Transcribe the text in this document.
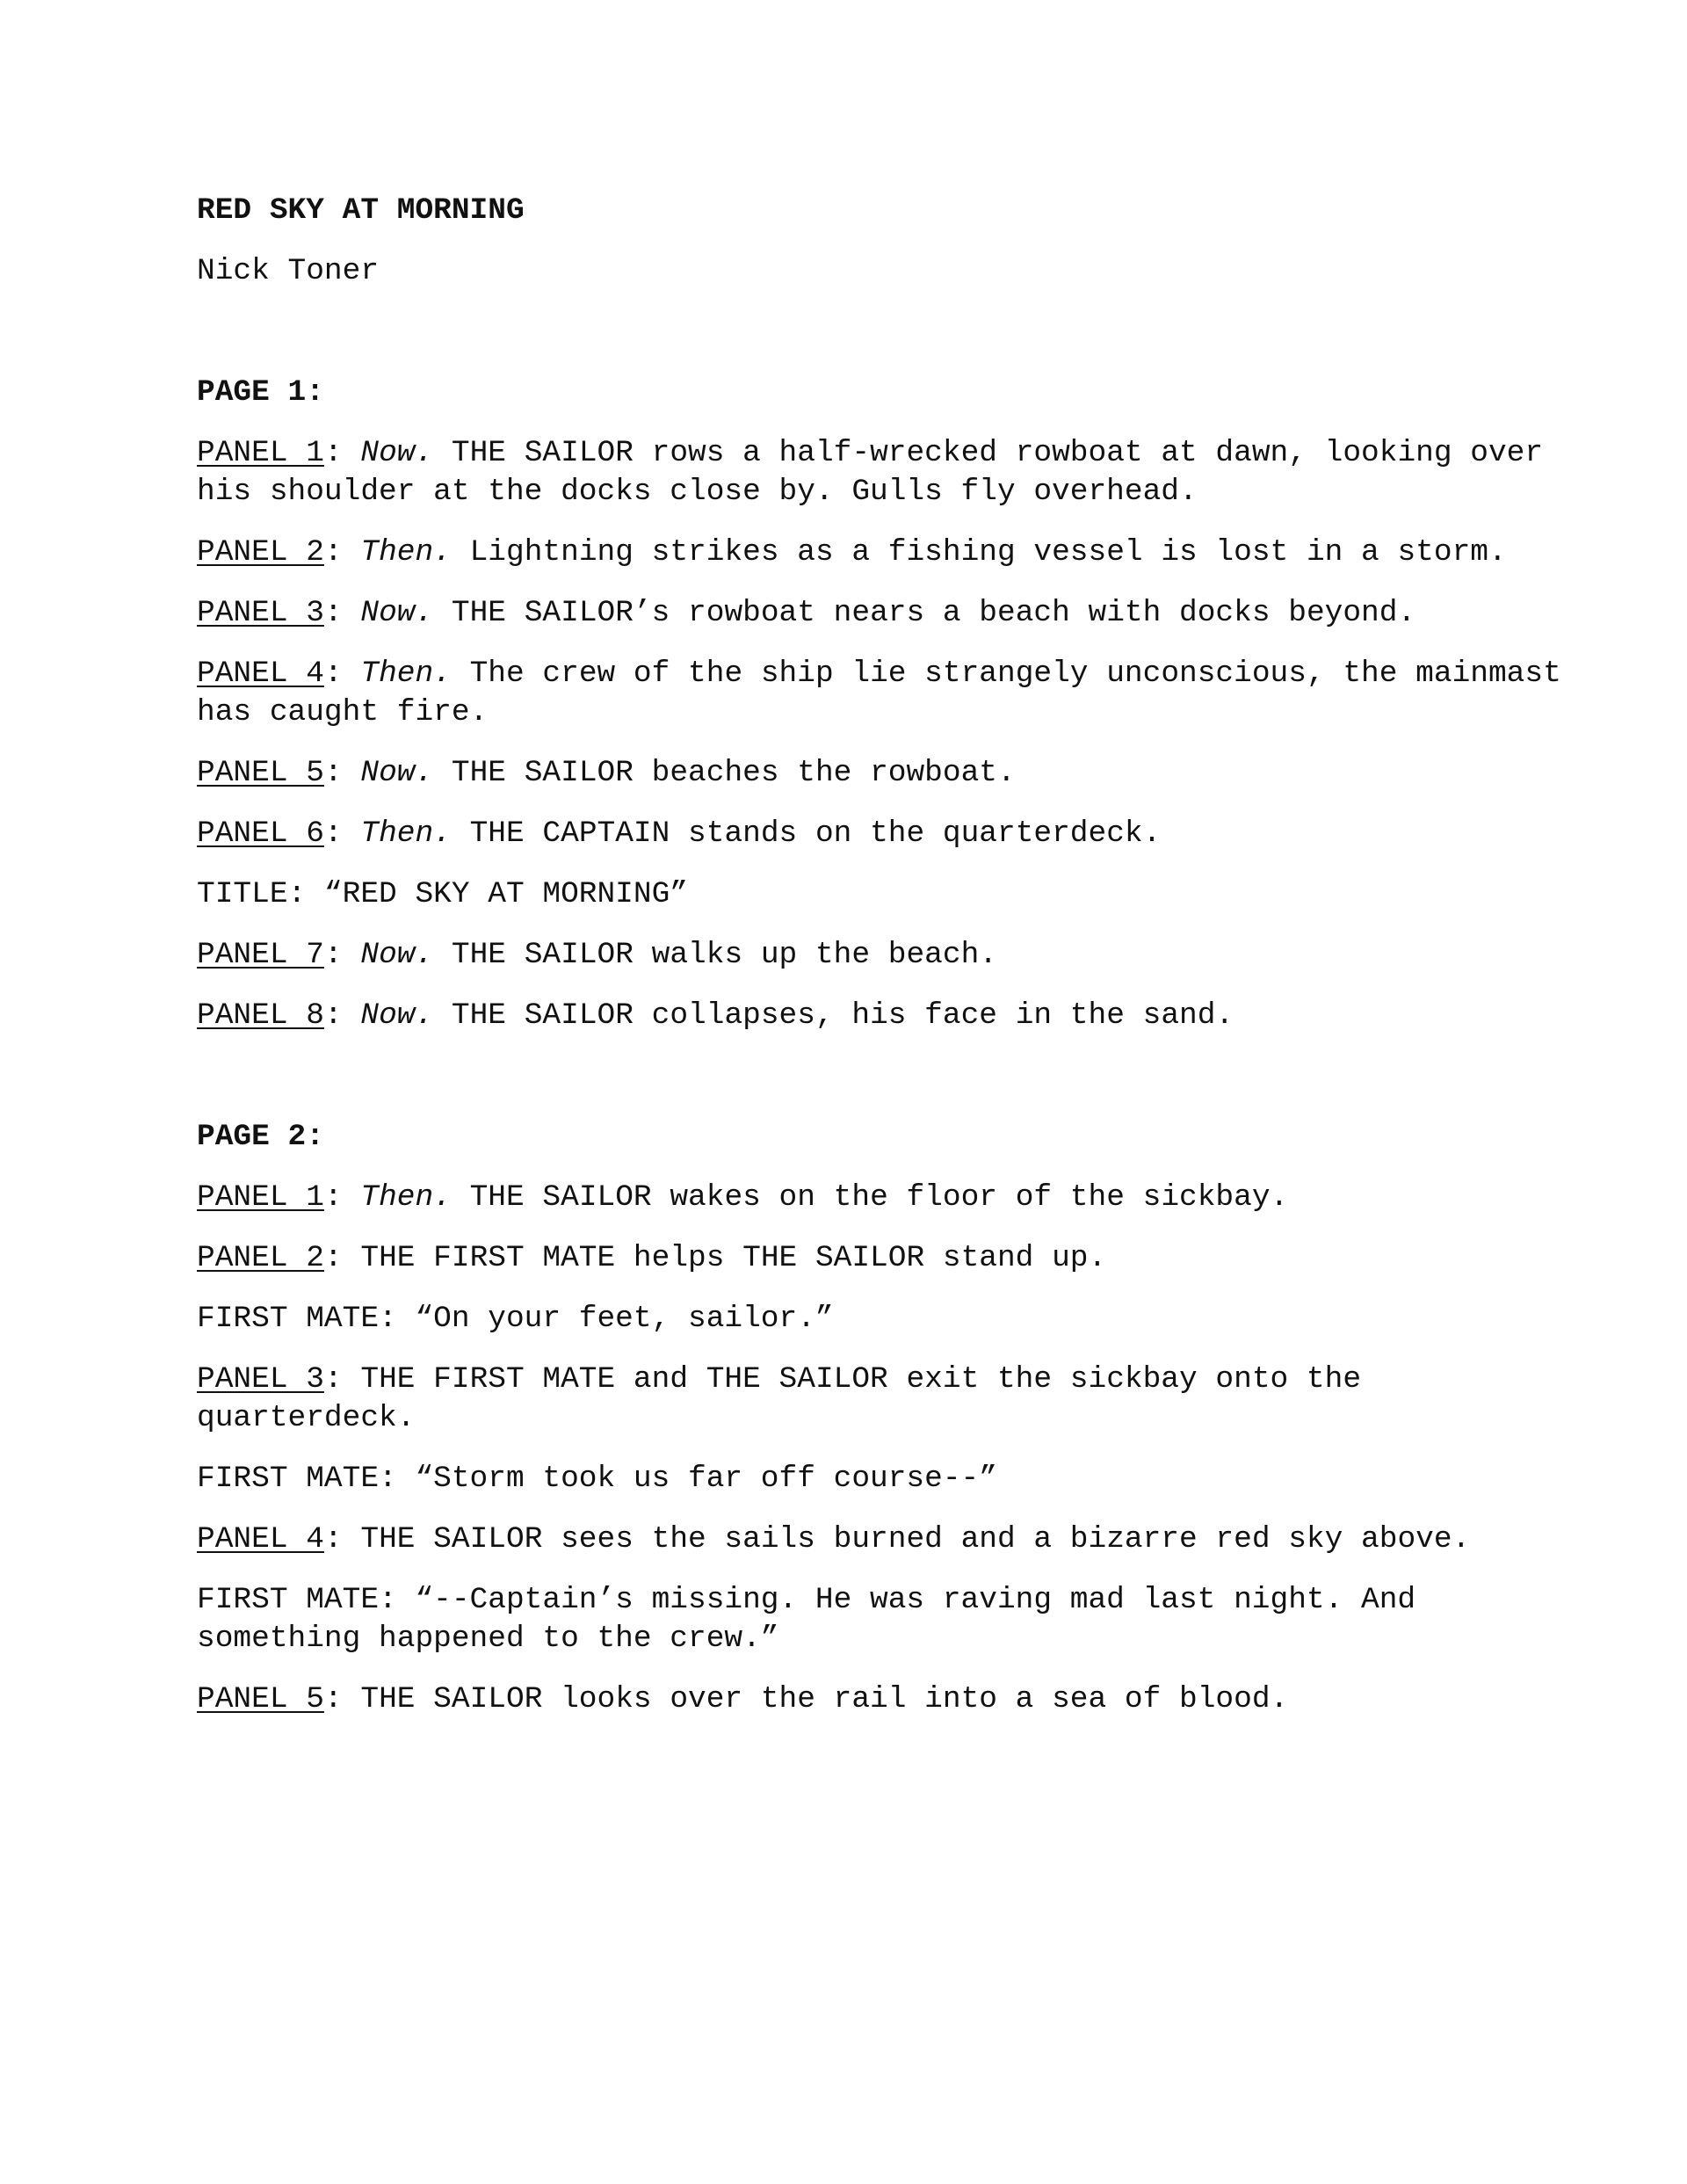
RED SKY AT MORNING
Nick Toner
PAGE 1:
PANEL 1: Now. THE SAILOR rows a half-wrecked rowboat at dawn, looking over his shoulder at the docks close by. Gulls fly overhead.
PANEL 2: Then. Lightning strikes as a fishing vessel is lost in a storm.
PANEL 3: Now. THE SAILOR’s rowboat nears a beach with docks beyond.
PANEL 4: Then. The crew of the ship lie strangely unconscious, the mainmast has caught fire.
PANEL 5: Now. THE SAILOR beaches the rowboat.
PANEL 6: Then. THE CAPTAIN stands on the quarterdeck.
TITLE: “RED SKY AT MORNING”
PANEL 7: Now. THE SAILOR walks up the beach.
PANEL 8: Now. THE SAILOR collapses, his face in the sand.
PAGE 2:
PANEL 1: Then. THE SAILOR wakes on the floor of the sickbay.
PANEL 2: THE FIRST MATE helps THE SAILOR stand up.
FIRST MATE: “On your feet, sailor.”
PANEL 3: THE FIRST MATE and THE SAILOR exit the sickbay onto the quarterdeck.
FIRST MATE: “Storm took us far off course--”
PANEL 4: THE SAILOR sees the sails burned and a bizarre red sky above.
FIRST MATE: “--Captain’s missing. He was raving mad last night. And something happened to the crew.”
PANEL 5: THE SAILOR looks over the rail into a sea of blood.
